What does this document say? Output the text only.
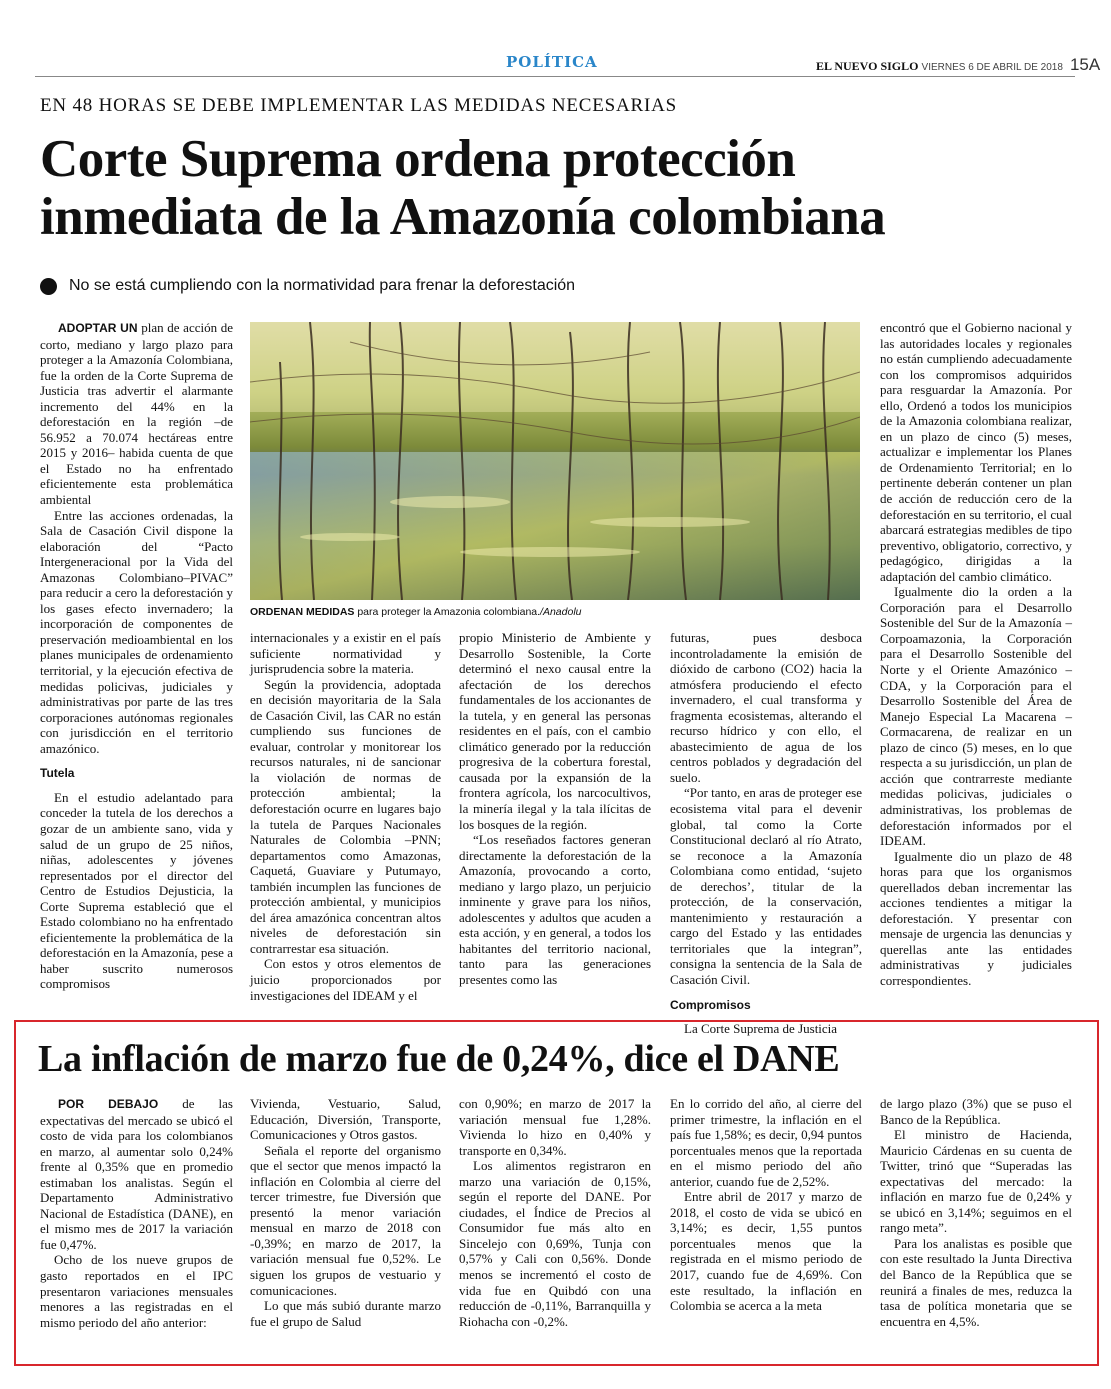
POLÍTICA	EL NUEVO SIGLO VIERNES 6 DE ABRIL DE 2018 15A
EN 48 HORAS SE DEBE IMPLEMENTAR LAS MEDIDAS NECESARIAS
Corte Suprema ordena protección
inmediata de la Amazonía colombiana
No se está cumpliendo con la normatividad para frenar la deforestación

ADOPTAR UN plan de acción de corto, mediano y largo plazo para proteger a la Amazonía Colombiana, fue la orden de la Corte Suprema de Justicia tras advertir el alarmante incremento del 44% en la deforestación en la región –de 56.952 a 70.074 hectáreas entre 2015 y 2016– habida cuenta de que el Estado no ha enfrentado eficientemente esta problemática ambiental

Entre las acciones ordenadas, la Sala de Casación Civil dispone la elaboración del “Pacto Intergeneracional por la Vida del Amazonas Colombiano–PIVAC” para reducir a cero la deforestación y los gases efecto invernadero; la incorporación de componentes de preservación medioambiental en los planes municipales de ordenamiento territorial, y la ejecución efectiva de medidas policivas, judiciales y administrativas por parte de las tres corporaciones autónomas regionales con jurisdicción en el territorio amazónico.

Tutela

En el estudio adelantado para conceder la tutela de los derechos a gozar de un ambiente sano, vida y salud de un grupo de 25 niños, niñas, adolescentes y jóvenes representados por el director del Centro de Estudios Dejusticia, la Corte Suprema estableció que el Estado colombiano no ha enfrentado eficientemente la problemática de la deforestación en la Amazonía, pese a haber suscrito numerosos compromisos

ORDENAN MEDIDAS para proteger la Amazonia colombiana./Anadolu

internacionales y a existir en el país suficiente normatividad y jurisprudencia sobre la materia.

Según la providencia, adoptada en decisión mayoritaria de la Sala de Casación Civil, las CAR no están cumpliendo sus funciones de evaluar, controlar y monitorear los recursos naturales, ni de sancionar la violación de normas de protección ambiental; la deforestación ocurre en lugares bajo la tutela de Parques Nacionales Naturales de Colombia –PNN; departamentos como Amazonas, Caquetá, Guaviare y Putumayo, también incumplen las funciones de protección ambiental, y municipios del área amazónica concentran altos niveles de deforestación sin contrarrestar esa situación.

Con estos y otros elementos de juicio proporcionados por investigaciones del IDEAM y el

propio Ministerio de Ambiente y Desarrollo Sostenible, la Corte determinó el nexo causal entre la afectación de los derechos fundamentales de los accionantes de la tutela, y en general las personas residentes en el país, con el cambio climático generado por la reducción progresiva de la cobertura forestal, causada por la expansión de la frontera agrícola, los narcocultivos, la minería ilegal y la tala ilícitas de los bosques de la región.

“Los reseñados factores generan directamente la deforestación de la Amazonía, provocando a corto, mediano y largo plazo, un perjuicio inminente y grave para los niños, adolescentes y adultos que acuden a esta acción, y en general, a todos los habitantes del territorio nacional, tanto para las generaciones presentes como las

futuras, pues desboca incontroladamente la emisión de dióxido de carbono (CO2) hacia la atmósfera produciendo el efecto invernadero, el cual transforma y fragmenta ecosistemas, alterando el recurso hídrico y con ello, el abastecimiento de agua de los centros poblados y degradación del suelo.

“Por tanto, en aras de proteger ese ecosistema vital para el devenir global, tal como la Corte Constitucional declaró al río Atrato, se reconoce a la Amazonía Colombiana como entidad, ‘sujeto de derechos’, titular de la protección, de la conservación, mantenimiento y restauración a cargo del Estado y las entidades territoriales que la integran”, consigna la sentencia de la Sala de Casación Civil.

Compromisos

La Corte Suprema de Justicia

encontró que el Gobierno nacional y las autoridades locales y regionales no están cumpliendo adecuadamente con los compromisos adquiridos para resguardar la Amazonía. Por ello, Ordenó a todos los municipios de la Amazonia colombiana realizar, en un plazo de cinco (5) meses, actualizar e implementar los Planes de Ordenamiento Territorial; en lo pertinente deberán contener un plan de acción de reducción cero de la deforestación en su territorio, el cual abarcará estrategias medibles de tipo preventivo, obligatorio, correctivo, y pedagógico, dirigidas a la adaptación del cambio climático.

Igualmente dio la orden a la Corporación para el Desarrollo Sostenible del Sur de la Amazonía –Corpoamazonia, la Corporación para el Desarrollo Sostenible del Norte y el Oriente Amazónico –CDA, y la Corporación para el Desarrollo Sostenible del Área de Manejo Especial La Macarena –Cormacarena, de realizar en un plazo de cinco (5) meses, en lo que respecta a su jurisdicción, un plan de acción que contrarreste mediante medidas policivas, judiciales o administrativas, los problemas de deforestación informados por el IDEAM.

Igualmente dio un plazo de 48 horas para que los organismos querellados deban incrementar las acciones tendientes a mitigar la deforestación. Y presentar con mensaje de urgencia las denuncias y querellas ante las entidades administrativas y judiciales correspondientes.

La inflación de marzo fue de 0,24%, dice el DANE

POR DEBAJO de las expectativas del mercado se ubicó el costo de vida para los colombianos en marzo, al aumentar solo 0,24% frente al 0,35% que en promedio estimaban los analistas. Según el Departamento Administrativo Nacional de Estadística (DANE), en el mismo mes de 2017 la variación fue 0,47%.

Ocho de los nueve grupos de gasto reportados en el IPC presentaron variaciones mensuales menores a las registradas en el mismo periodo del año anterior:

Vivienda, Vestuario, Salud, Educación, Diversión, Transporte, Comunicaciones y Otros gastos.

Señala el reporte del organismo que el sector que menos impactó la inflación en Colombia al cierre del tercer trimestre, fue Diversión que presentó la menor variación mensual en marzo de 2018 con -0,39%; en marzo de 2017, la variación mensual fue 0,52%. Le siguen los grupos de vestuario y comunicaciones.

Lo que más subió durante marzo fue el grupo de Salud

con 0,90%; en marzo de 2017 la variación mensual fue 1,28%. Vivienda lo hizo en 0,40% y transporte en 0,34%.

Los alimentos registraron en marzo una variación de 0,15%, según el reporte del DANE. Por ciudades, el Índice de Precios al Consumidor fue más alto en Sincelejo con 0,69%, Tunja con 0,57% y Cali con 0,56%. Donde menos se incrementó el costo de vida fue en Quibdó con una reducción de -0,11%, Barranquilla y Riohacha con -0,2%.

En lo corrido del año, al cierre del primer trimestre, la inflación en el país fue 1,58%; es decir, 0,94 puntos porcentuales menos que la reportada en el mismo periodo del año anterior, cuando fue de 2,52%.

Entre abril de 2017 y marzo de 2018, el costo de vida se ubicó en 3,14%; es decir, 1,55 puntos porcentuales menos que la registrada en el mismo periodo de 2017, cuando fue de 4,69%. Con este resultado, la inflación en Colombia se acerca a la meta

de largo plazo (3%) que se puso el Banco de la República.

El ministro de Hacienda, Mauricio Cárdenas en su cuenta de Twitter, trinó que “Superadas las expectativas del mercado: la inflación en marzo fue de 0,24% y se ubicó en 3,14%; seguimos en el rango meta”.

Para los analistas es posible que con este resultado la Junta Directiva del Banco de la República que se reunirá a finales de mes, reduzca la tasa de política monetaria que se encuentra en 4,5%.
